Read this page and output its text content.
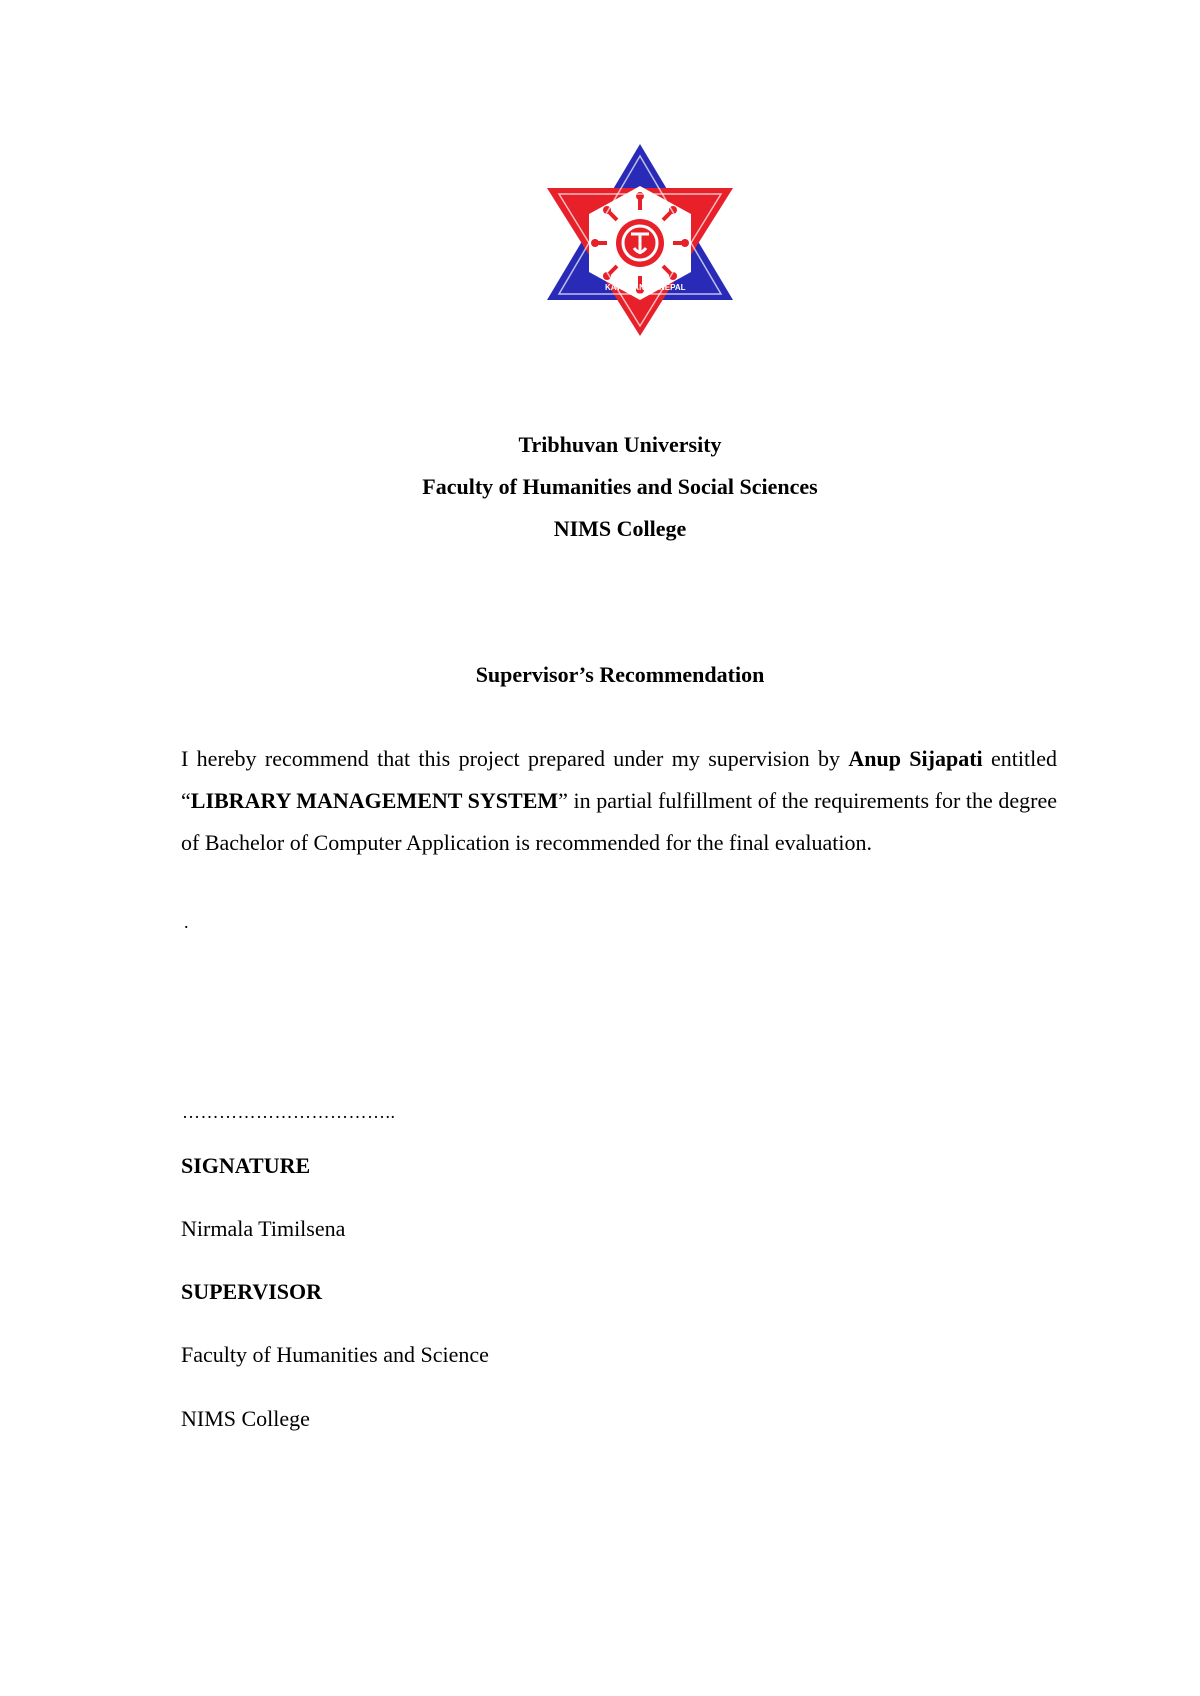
KATHMANDU NEPAL
Tribhuvan University
Faculty of Humanities and Social Sciences
NIMS College
Supervisor’s Recommendation
I hereby recommend that this project prepared under my supervision by Anup Sijapati entitled “LIBRARY MANAGEMENT SYSTEM” in partial fulfillment of the requirements for the degree of Bachelor of Computer Application is recommended for the final evaluation.
.
……………………………..
SIGNATURE
Nirmala Timilsena
SUPERVISOR
Faculty of Humanities and Science
NIMS College
